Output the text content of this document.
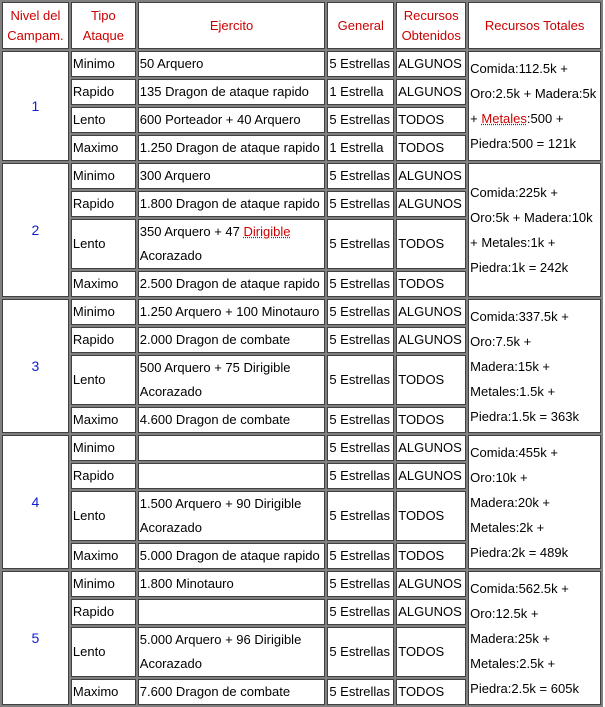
Nivel del Campam.	Tipo Ataque	Ejercito	General	Recursos Obtenidos	Recursos Totales
1	Minimo	50 Arquero	5 Estrellas	ALGUNOS	Comida:112.5k + Oro:2.5k + Madera:5k + Metales:500 + Piedra:500 = 121k
	Rapido	135 Dragon de ataque rapido	1 Estrella	ALGUNOS	
	Lento	600 Porteador + 40 Arquero	5 Estrellas	TODOS	
	Maximo	1.250 Dragon de ataque rapido	1 Estrella	TODOS	
2	Minimo	300 Arquero	5 Estrellas	ALGUNOS	Comida:225k + Oro:5k + Madera:10k + Metales:1k + Piedra:1k = 242k
	Rapido	1.800 Dragon de ataque rapido	5 Estrellas	ALGUNOS	
	Lento	350 Arquero + 47 Dirigible Acorazado	5 Estrellas	TODOS	
	Maximo	2.500 Dragon de ataque rapido	5 Estrellas	TODOS	
3	Minimo	1.250 Arquero + 100 Minotauro	5 Estrellas	ALGUNOS	Comida:337.5k + Oro:7.5k + Madera:15k + Metales:1.5k + Piedra:1.5k = 363k
	Rapido	2.000 Dragon de combate	5 Estrellas	ALGUNOS	
	Lento	500 Arquero + 75 Dirigible Acorazado	5 Estrellas	TODOS	
	Maximo	4.600 Dragon de combate	5 Estrellas	TODOS	
4	Minimo		5 Estrellas	ALGUNOS	Comida:455k + Oro:10k + Madera:20k + Metales:2k + Piedra:2k = 489k
	Rapido		5 Estrellas	ALGUNOS	
	Lento	1.500 Arquero + 90 Dirigible Acorazado	5 Estrellas	TODOS	
	Maximo	5.000 Dragon de ataque rapido	5 Estrellas	TODOS	
5	Minimo	1.800 Minotauro	5 Estrellas	ALGUNOS	Comida:562.5k + Oro:12.5k + Madera:25k + Metales:2.5k + Piedra:2.5k = 605k
	Rapido		5 Estrellas	ALGUNOS	
	Lento	5.000 Arquero + 96 Dirigible Acorazado	5 Estrellas	TODOS	
	Maximo	7.600 Dragon de combate	5 Estrellas	TODOS	
